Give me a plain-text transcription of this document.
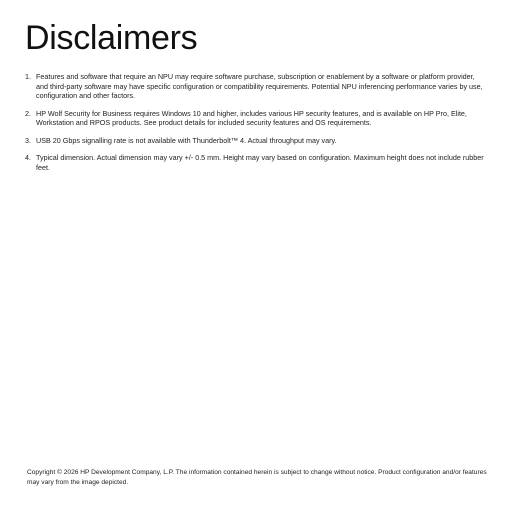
Disclaimers
1. Features and software that require an NPU may require software purchase, subscription or enablement by a software or platform provider, and third-party software may have specific configuration or compatibility requirements. Potential NPU inferencing performance varies by use, configuration and other factors.
2. HP Wolf Security for Business requires Windows 10 and higher, includes various HP security features, and is available on HP Pro, Elite, Workstation and RPOS products. See product details for included security features and OS requirements.
3. USB 20 Gbps signalling rate is not available with Thunderbolt™ 4. Actual throughput may vary.
4. Typical dimension. Actual dimension may vary +/- 0.5 mm. Height may vary based on configuration. Maximum height does not include rubber feet.

Copyright © 2026 HP Development Company, L.P. The information contained herein is subject to change without notice. Product configuration and/or features may vary from the image depicted.
